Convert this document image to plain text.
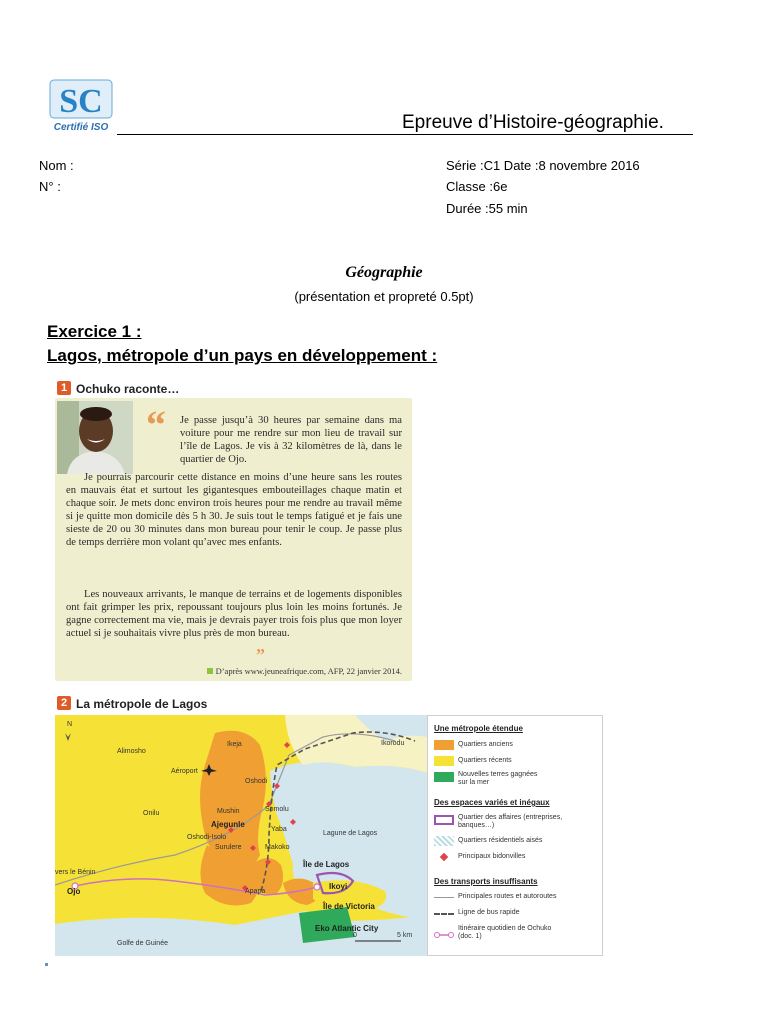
SC
Certifié ISO	Epreuve d’Histoire-géographie.
Nom :
N° :
Série :C1 Date :8 novembre 2016
Classe :6e
Durée :55 min
Géographie
(présentation et propreté 0.5pt)
Exercice 1 :
Lagos, métropole d’un pays en développement :
1 Ochuko raconte…
“ Je passe jusqu’à 30 heures par semaine dans ma voiture pour me rendre sur mon lieu de travail sur l’île de Lagos. Je vis à 32 kilomètres de là, dans le quartier de Ojo.
Je pourrais parcourir cette distance en moins d’une heure sans les routes en mauvais état et surtout les gigantesques embouteillages chaque matin et chaque soir. Je mets donc environ trois heures pour me rendre au travail même si je quitte mon domicile dès 5 h 30. Je suis tout le temps fatigué et je fais une sieste de 20 ou 30 minutes dans mon bureau pour tenir le coup. Je passe plus de temps derrière mon volant qu’avec mes enfants.
Les nouveaux arrivants, le manque de terrains et de logements disponibles ont fait grimper les prix, repoussant toujours plus loin les moins fortunés. Je gagne correctement ma vie, mais je devrais payer trois fois plus que mon loyer actuel si je souhaitais vivre plus près de mon bureau.
”
D’après www.jeuneafrique.com, AFP, 22 janvier 2014.
2 La métropole de Lagos
N
Ikeja	Ikorodu
Alimosho
Aéroport
Oshodi
Onilu	Mushin
Ajegunle
Oshodi-Isolo
Surulere
Somolu
Yaba
Makoko
Apapa
Île de Lagos
Ikoyi
Île de Victoria
Eko Atlantic City
Ojo
vers le Bénin
Lagune de Lagos
Golfe de Guinée
0	5 km
Une métropole étendue
Quartiers anciens
Quartiers récents
Nouvelles terres gagnées sur la mer
Des espaces variés et inégaux
Quartier des affaires (entreprises, banques…)
Quartiers résidentiels aisés
Principaux bidonvilles
Des transports insuffisants
Principales routes et autoroutes
Ligne de bus rapide
Itinéraire quotidien de Ochuko (doc. 1)
